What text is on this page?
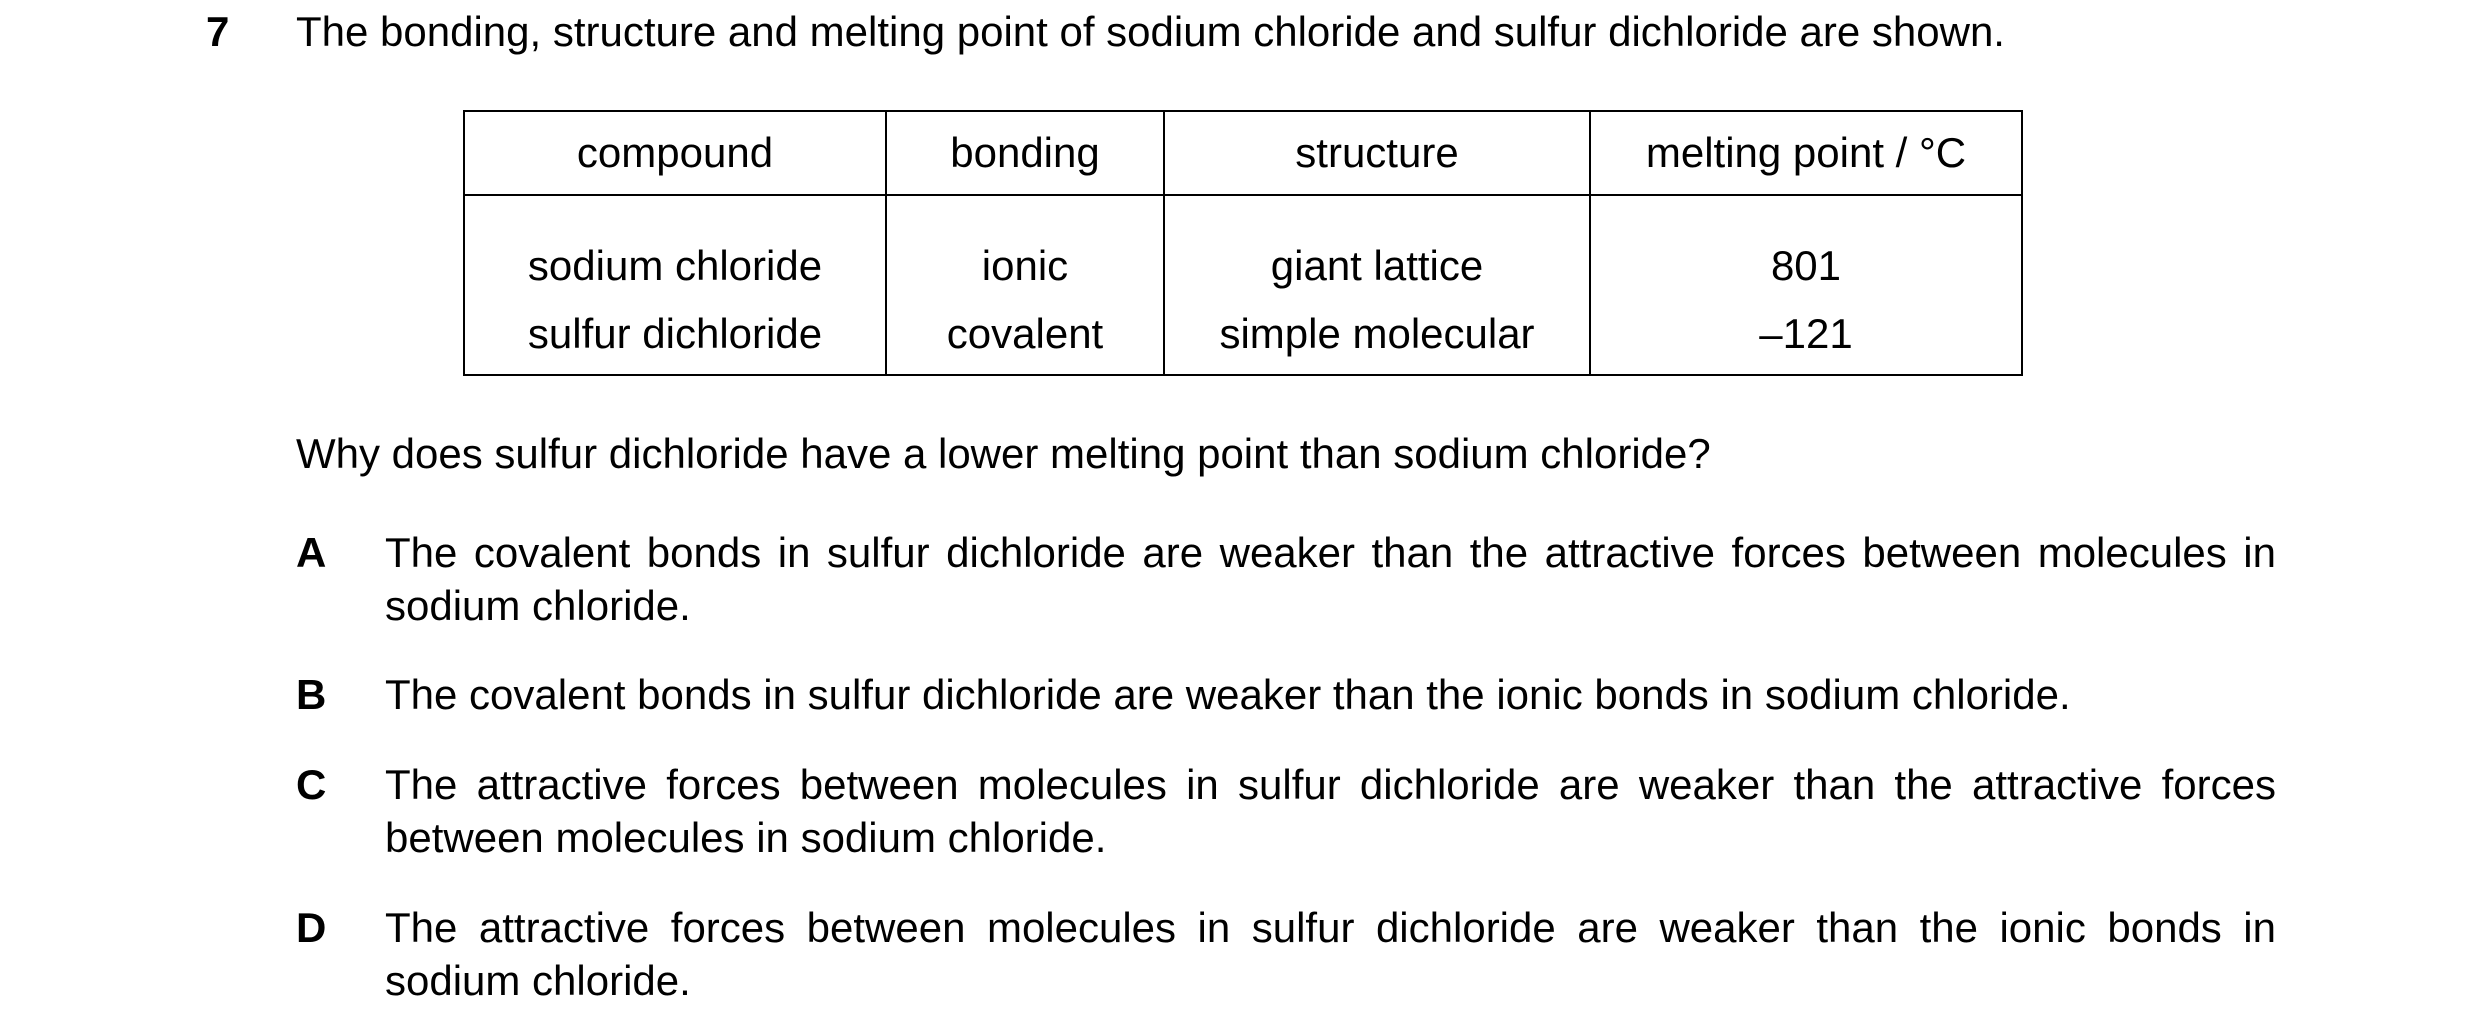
7 The bonding, structure and melting point of sodium chloride and sulfur dichloride are shown.
compound	bonding	structure	melting point / °C
sodium chloride	ionic	giant lattice	801
sulfur dichloride	covalent	simple molecular	–121
Why does sulfur dichloride have a lower melting point than sodium chloride?
A The covalent bonds in sulfur dichloride are weaker than the attractive forces between molecules in sodium chloride.
B The covalent bonds in sulfur dichloride are weaker than the ionic bonds in sodium chloride.
C The attractive forces between molecules in sulfur dichloride are weaker than the attractive forces between molecules in sodium chloride.
D The attractive forces between molecules in sulfur dichloride are weaker than the ionic bonds in sodium chloride.
